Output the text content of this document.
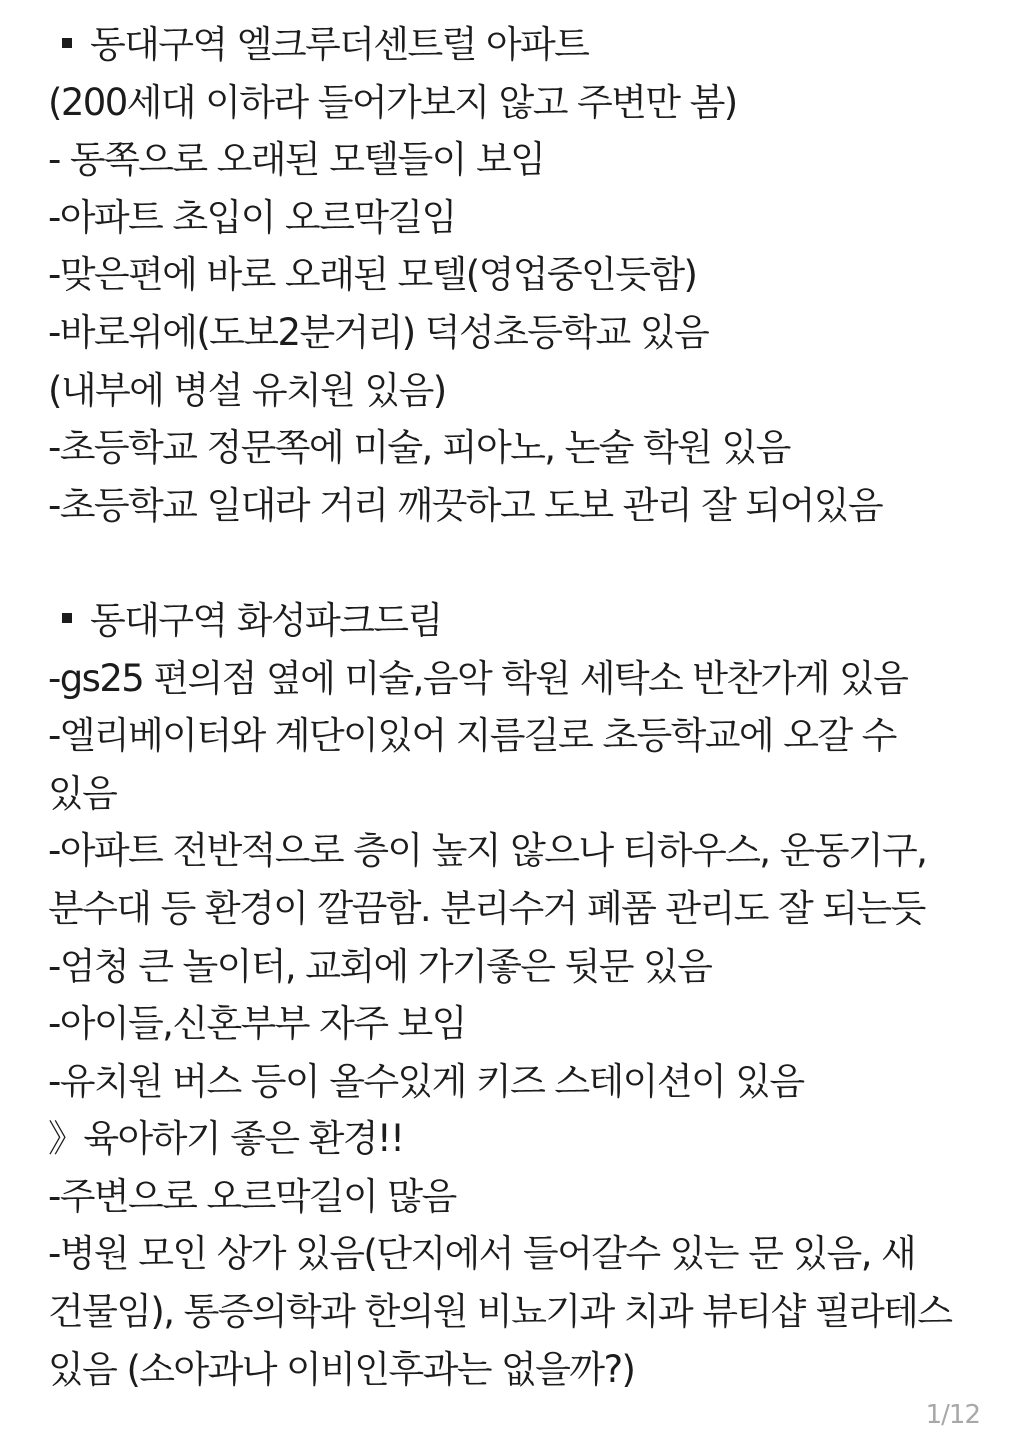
동대구역 엘크루더센트럴 아파트
(200세대 이하라 들어가보지 않고 주변만 봄)
- 동쪽으로 오래된 모텔들이 보임
-아파트 초입이 오르막길임
-맞은편에 바로 오래된 모텔(영업중인듯함)
-바로위에(도보2분거리) 덕성초등학교 있음
(내부에 병설 유치원 있음)
-초등학교 정문쪽에 미술, 피아노, 논술 학원 있음
-초등학교 일대라 거리 깨끗하고 도보 관리 잘 되어있음
동대구역 화성파크드림
-gs25 편의점 옆에 미술,음악 학원 세탁소 반찬가게 있음
-엘리베이터와 계단이있어 지름길로 초등학교에 오갈 수
있음
-아파트 전반적으로 층이 높지 않으나 티하우스, 운동기구,
분수대 등 환경이 깔끔함. 분리수거 폐품 관리도 잘 되는듯
-엄청 큰 놀이터, 교회에 가기좋은 뒷문 있음
-아이들,신혼부부 자주 보임
-유치원 버스 등이 올수있게 키즈 스테이션이 있음
》육아하기 좋은 환경!!
-주변으로 오르막길이 많음
-병원 모인 상가 있음(단지에서 들어갈수 있는 문 있음, 새
건물임), 통증의학과 한의원 비뇨기과 치과 뷰티샵 필라테스
있음 (소아과나 이비인후과는 없을까?)
1/12
